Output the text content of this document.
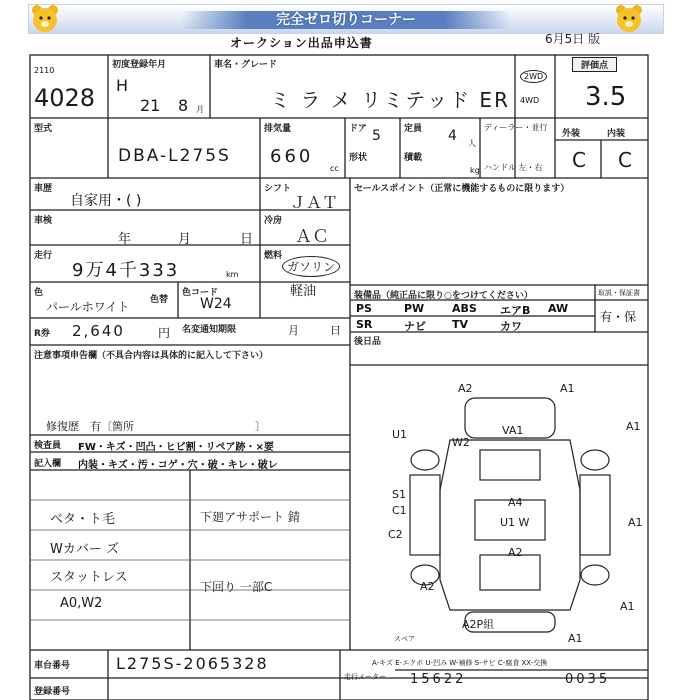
完全ゼロ切りコーナー
オークション出品申込書	6月5日 版
2110
4028
初度登録年月
H
21 8 月
車名・グレード
ミ ラ メ リミテッド ER
2WD
4WD
評価点
3.5
型式
DBA-L275S
排気量
660
cc
ドア 5	定員 4 人
形状	積載
kg
ディーラー・並行
ハンドル 左・右
外装	内装
C C
車歴
自家用・( )
シフト
ＪＡＴ
セールスポイント（正常に機能するものに限ります）
車検
年	月	日
冷房
ＡＣ
走行
9万4千333	km
燃料
ガソリン
軽油
色
パールホワイト 色替
色コード
W24
R券 2,640	円 名変通知期限	月	日
装備品（純正品に限り○をつけてください）	取説・保証書
有・保
PS	PW	ABS	エアB	AW
SR	ナビ	TV	カワ
後日品
注意事項申告欄（不具合内容は具体的に記入して下さい）
修復歴　有〔箇所　　　　　　　　　　　〕
検査員 FW・キズ・凹凸・ヒビ割・リペア跡・×要
記入欄 内装・キズ・汚・コゲ・穴・破・キレ・破レ
ベタ・ト毛
Wカバー ズ
スタットレス
A0,W2
下廻アサポート 錆
下回り 一部C
A2	A1
U1
A1
W2
VA1
A1
S1
A4
U1 W
C1
C2
A2
A2
A1
A2P組
A1
スペア
A-キズ E-エクボ U-凹み W-補修 S-サビ C-腐食 XX-交換
車台番号	L275S-2065328
登録番号
走行メーター 15622	0035
